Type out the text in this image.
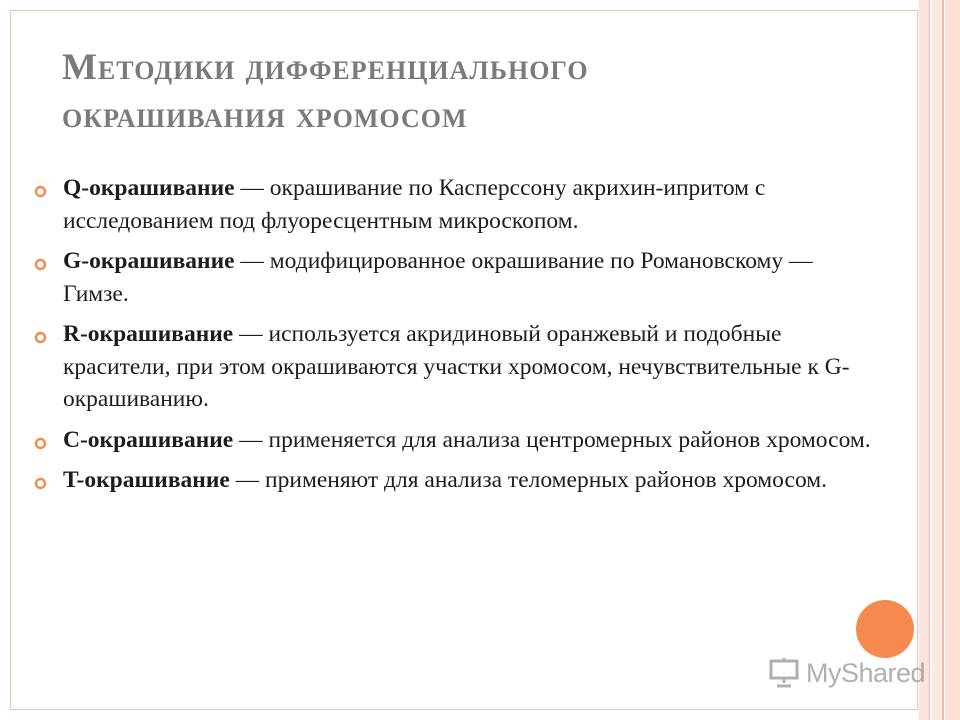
Методики дифференциального
окрашивания хромосом
Q-окрашивание — окрашивание по Касперссону акрихин-ипритом с исследованием под флуоресцентным микроскопом.
G-окрашивание — модифицированное окрашивание по Романовскому — Гимзе.
R-окрашивание — используется акридиновый оранжевый и подобные красители, при этом окрашиваются участки хромосом, нечувствительные к G-окрашиванию.
C-окрашивание — применяется для анализа центромерных районов хромосом.
T-окрашивание — применяют для анализа теломерных районов хромосом.
MyShared
